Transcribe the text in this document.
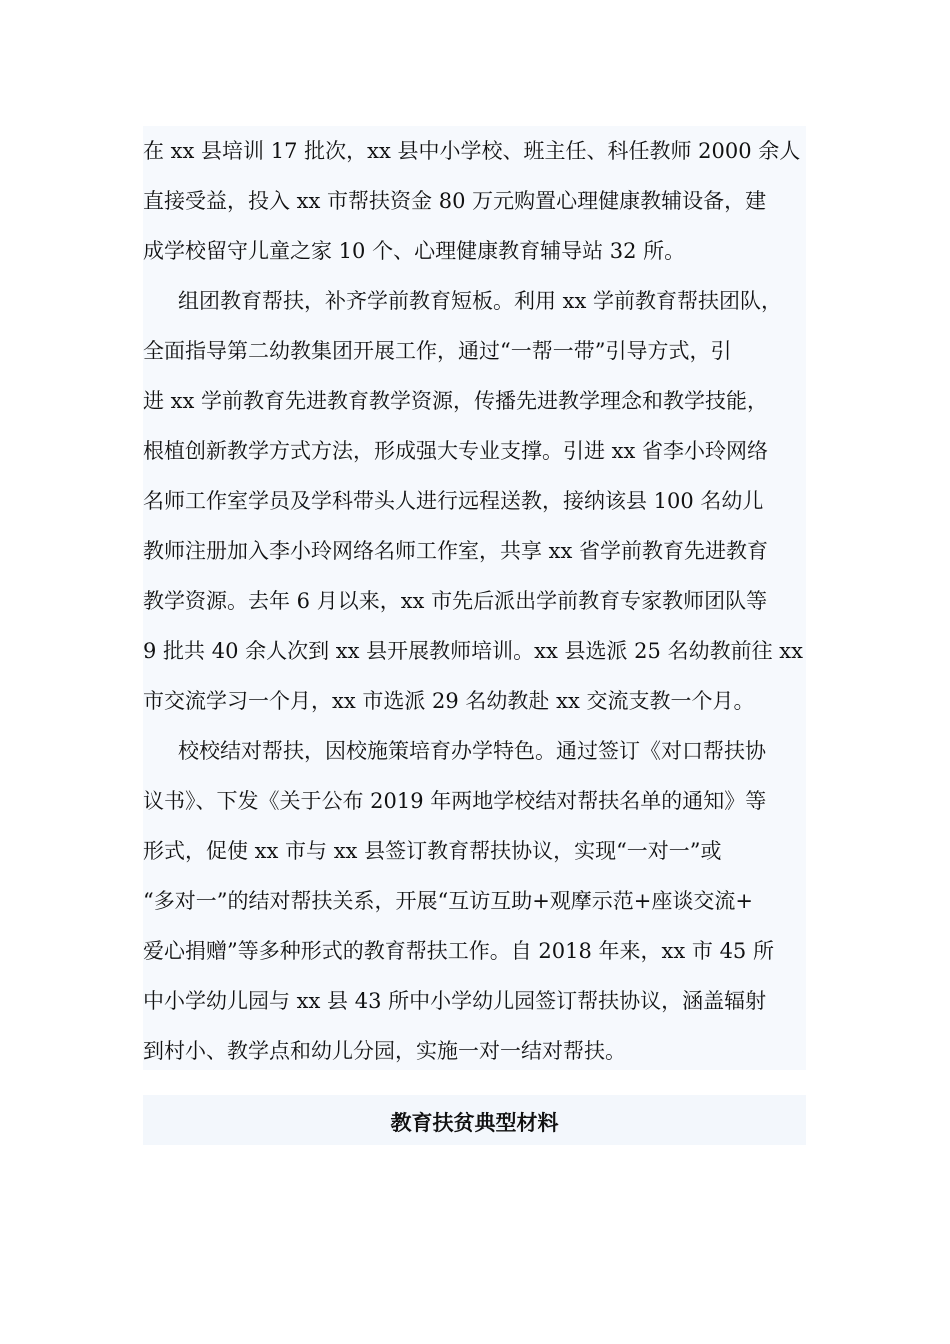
在 xx 县培训 17 批次，xx 县中小学校、班主任、科任教师 2000 余人
直接受益，投入 xx 市帮扶资金 80 万元购置心理健康教辅设备，建
成学校留守儿童之家 10 个、心理健康教育辅导站 32 所。
组团教育帮扶，补齐学前教育短板。利用 xx 学前教育帮扶团队，
全面指导第二幼教集团开展工作，通过“一帮一带”引导方式，引
进 xx 学前教育先进教育教学资源，传播先进教学理念和教学技能，
根植创新教学方式方法，形成强大专业支撑。引进 xx 省李小玲网络
名师工作室学员及学科带头人进行远程送教，接纳该县 100 名幼儿
教师注册加入李小玲网络名师工作室，共享 xx 省学前教育先进教育
教学资源。去年 6 月以来，xx 市先后派出学前教育专家教师团队等
9 批共 40 余人次到 xx 县开展教师培训。xx 县选派 25 名幼教前往 xx
市交流学习一个月，xx 市选派 29 名幼教赴 xx 交流支教一个月。
校校结对帮扶，因校施策培育办学特色。通过签订《对口帮扶协
议书》、下发《关于公布 2019 年两地学校结对帮扶名单的通知》等
形式，促使 xx 市与 xx 县签订教育帮扶协议，实现“一对一”或
“多对一”的结对帮扶关系，开展“互访互助+观摩示范+座谈交流+
爱心捐赠”等多种形式的教育帮扶工作。自 2018 年来，xx 市 45 所
中小学幼儿园与 xx 县 43 所中小学幼儿园签订帮扶协议，涵盖辐射
到村小、教学点和幼儿分园，实施一对一结对帮扶。
教育扶贫典型材料
